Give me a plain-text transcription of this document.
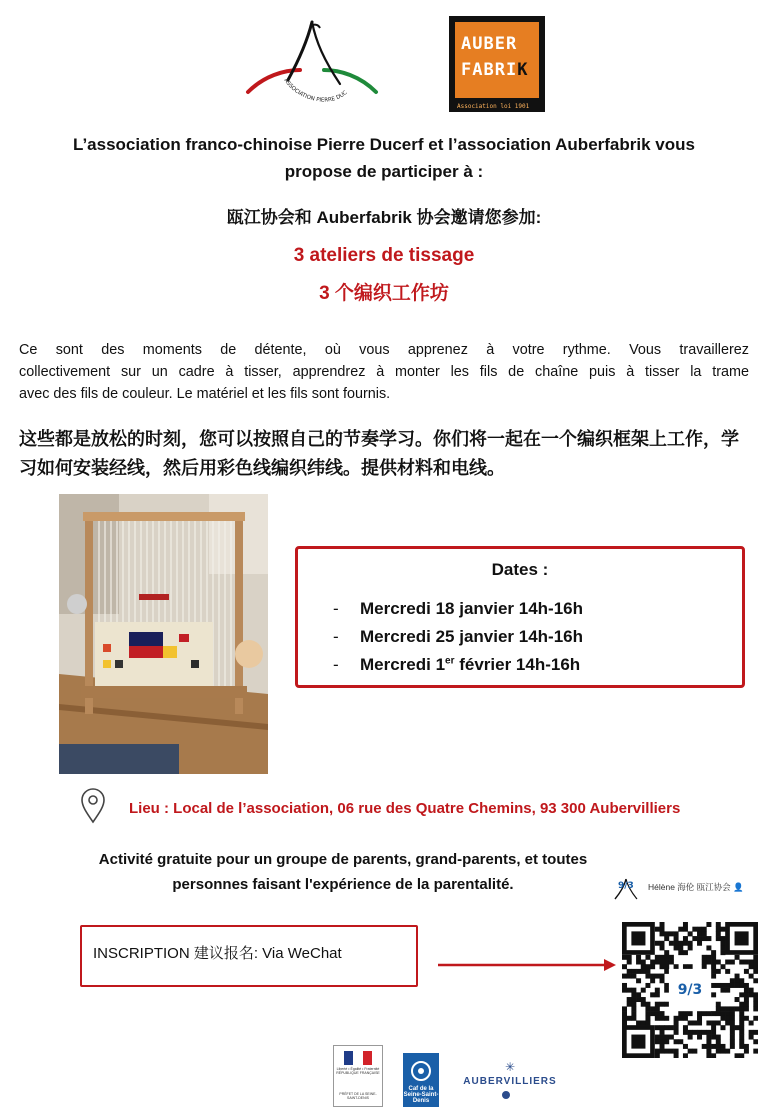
ASSOCIATION PIERRE DUC
AUBER
FABRIK
Association loi 1901
L’association franco-chinoise Pierre Ducerf et l’association Auberfabrik vous
propose de participer à :
瓯江协会和 Auberfabrik 协会邀请您参加:
3 ateliers de tissage
3 个编织工作坊
Ce sont des moments de détente, où vous apprenez à votre rythme. Vous travaillerez
collectivement sur un cadre à tisser, apprendrez à monter les fils de chaîne puis à tisser la trame
avec des fils de couleur. Le matériel et les fils sont fournis.
这些都是放松的时刻，您可以按照自己的节奏学习。你们将一起在一个编织框架上工作，学习如何安装经线，然后用彩色线编织纬线。提供材料和电线。
Dates :
- Mercredi 18 janvier 14h-16h
- Mercredi 25 janvier 14h-16h
- Mercredi 1er février 14h-16h
Lieu : Local de l’association, 06 rue des Quatre Chemins, 93 300 Aubervilliers
Activité gratuite pour un groupe de parents, grand-parents, et toutes
personnes faisant l'expérience de la parentalité.	9/3 Hélène 海伦 瓯江协会 👤
INSCRIPTION 建议报名: Via WeChat
9/3
Liberté • Égalité • Fraternité RÉPUBLIQUE FRANÇAISE
PRÉFET DE LA SEINE-SAINT-DENIS
Caf de la Seine-Saint-Denis
✳
AUBERVILLIERS
